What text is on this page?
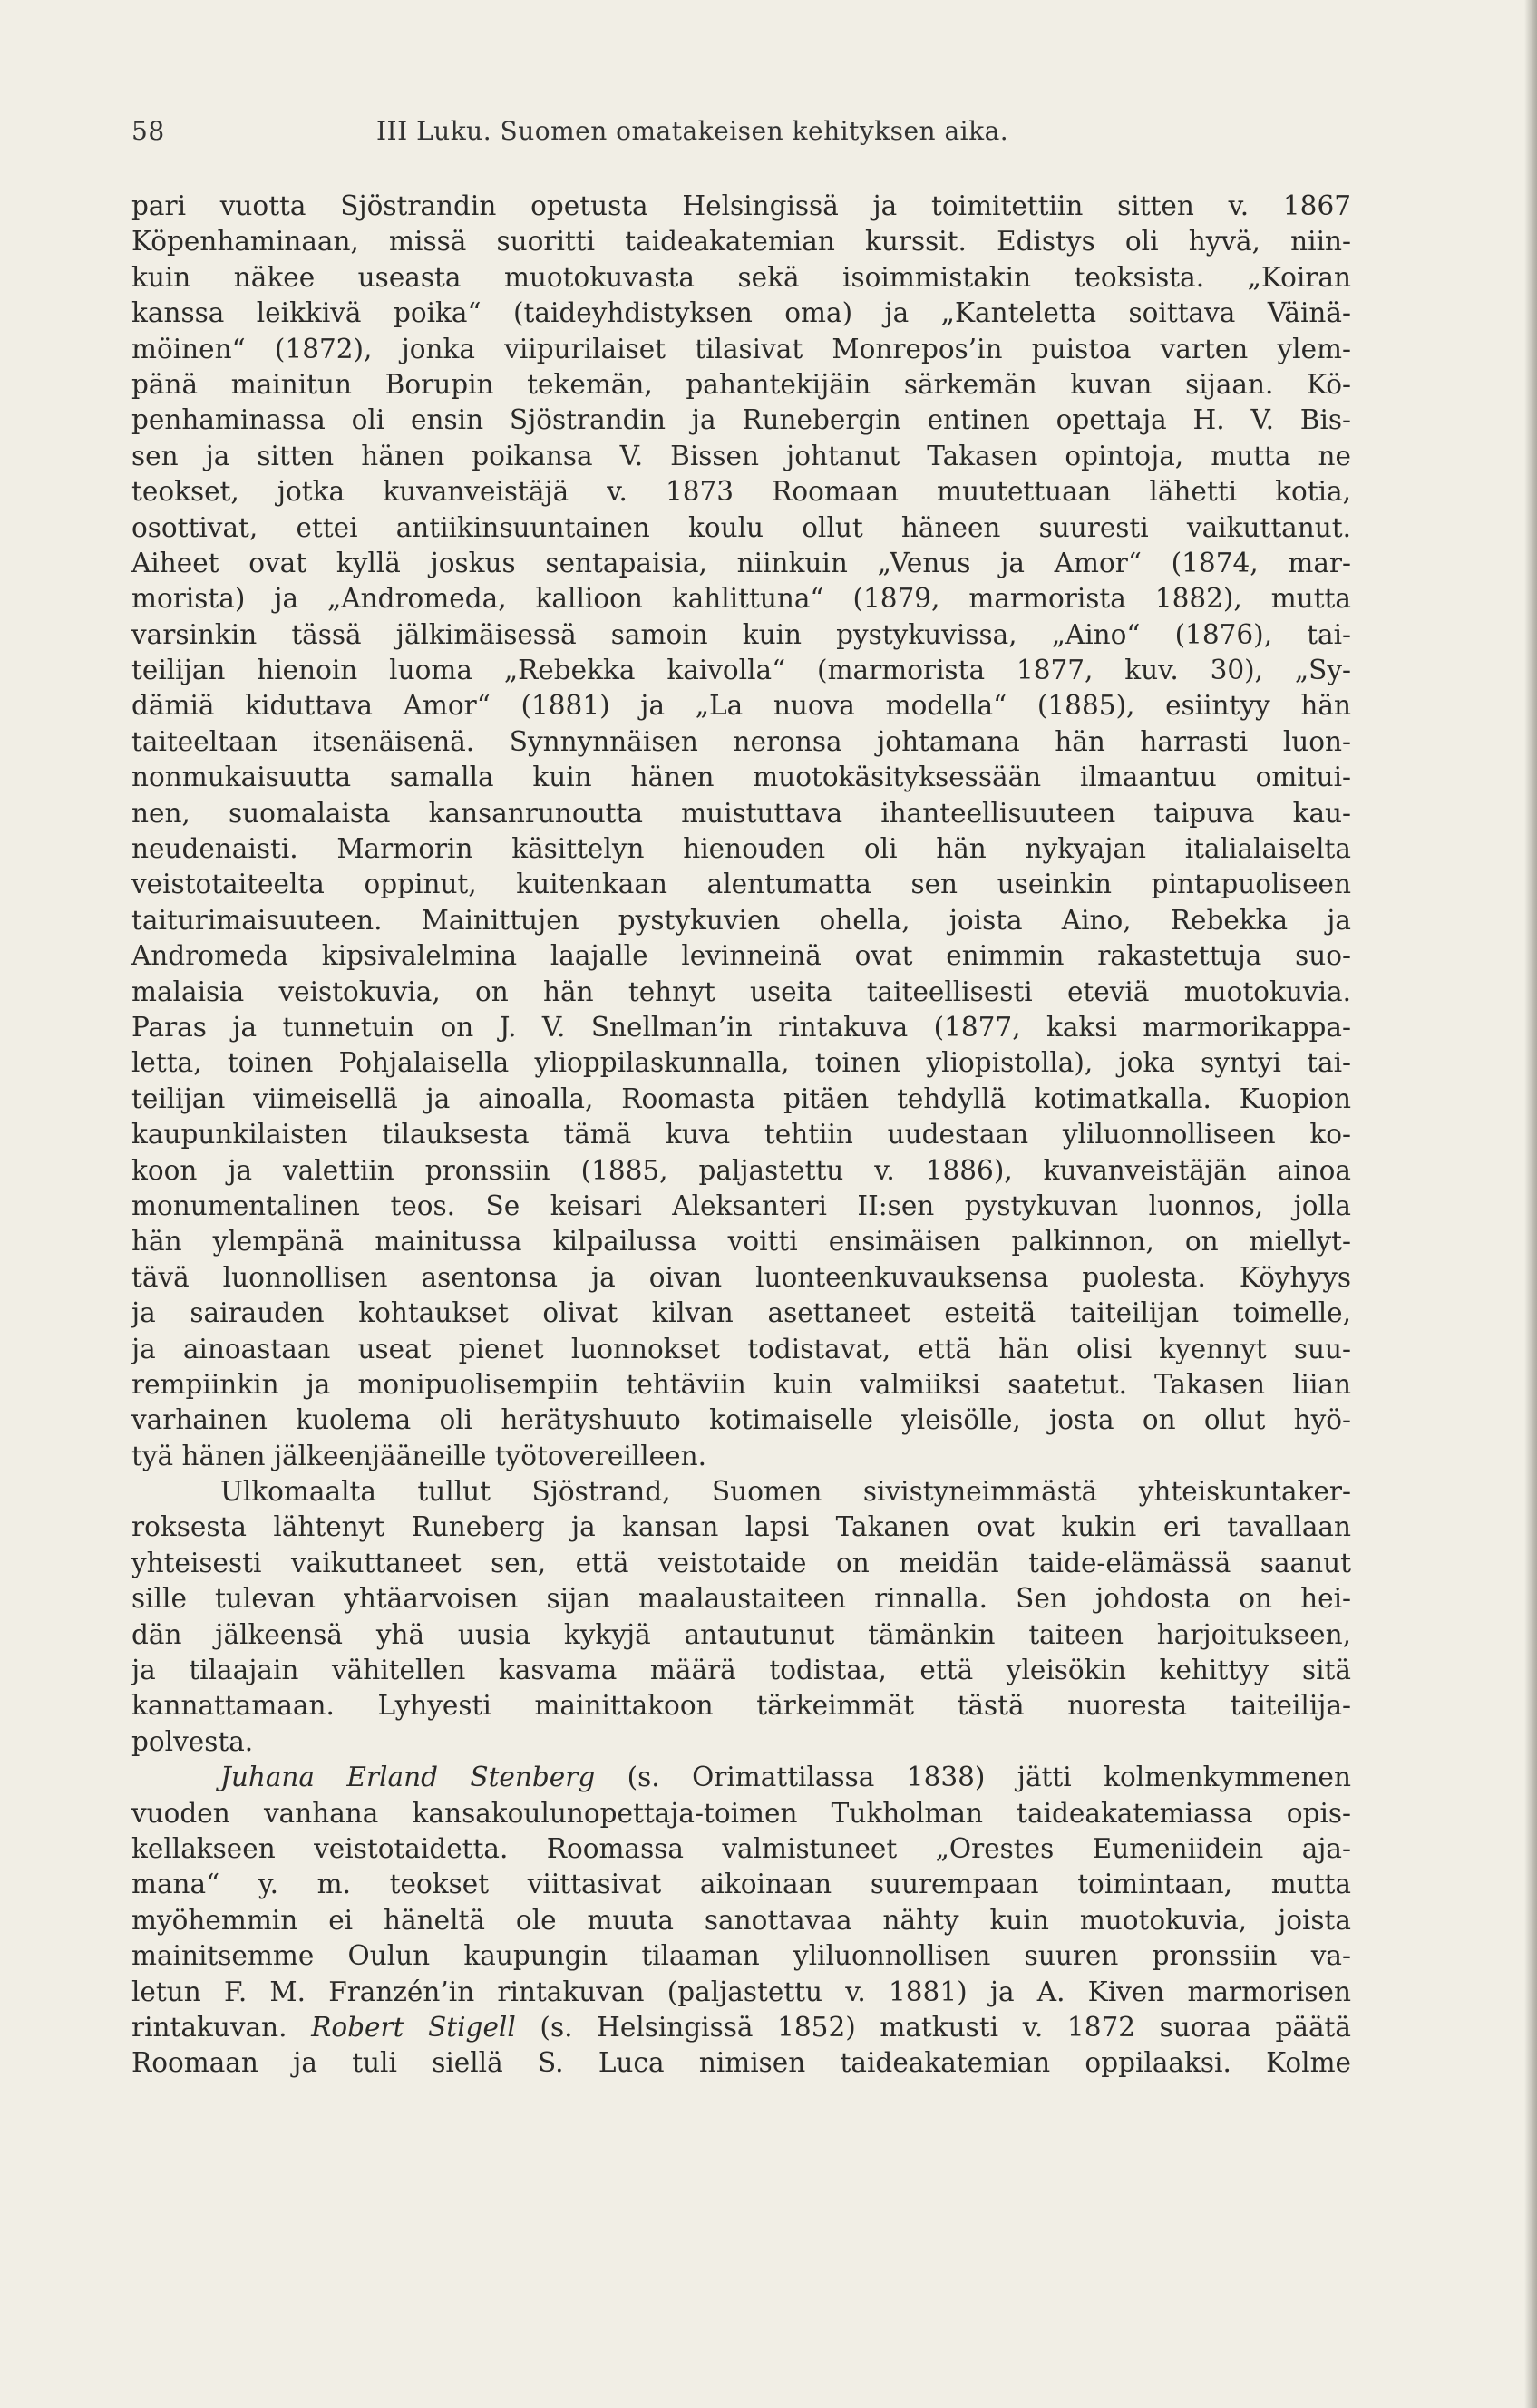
58	III Luku. Suomen omatakeisen kehityksen aika.
pari vuotta Sjöstrandin opetusta Helsingissä ja toimitettiin sitten v. 1867
Köpenhaminaan, missä suoritti taideakatemian kurssit. Edistys oli hyvä, niin-
kuin näkee useasta muotokuvasta sekä isoimmistakin teoksista. „Koiran
kanssa leikkivä poika“ (taideyhdistyksen oma) ja „Kanteletta soittava Väinä-
möinen“ (1872), jonka viipurilaiset tilasivat Monrepos’in puistoa varten ylem-
pänä mainitun Borupin tekemän, pahantekijäin särkemän kuvan sijaan. Kö-
penhaminassa oli ensin Sjöstrandin ja Runebergin entinen opettaja H. V. Bis-
sen ja sitten hänen poikansa V. Bissen johtanut Takasen opintoja, mutta ne
teokset, jotka kuvanveistäjä v. 1873 Roomaan muutettuaan lähetti kotia,
osottivat, ettei antiikinsuuntainen koulu ollut häneen suuresti vaikuttanut.
Aiheet ovat kyllä joskus sentapaisia, niinkuin „Venus ja Amor“ (1874, mar-
morista) ja „Andromeda, kallioon kahlittuna“ (1879, marmorista 1882), mutta
varsinkin tässä jälkimäisessä samoin kuin pystykuvissa, „Aino“ (1876), tai-
teilijan hienoin luoma „Rebekka kaivolla“ (marmorista 1877, kuv. 30), „Sy-
dämiä kiduttava Amor“ (1881) ja „La nuova modella“ (1885), esiintyy hän
taiteeltaan itsenäisenä. Synnynnäisen neronsa johtamana hän harrasti luon-
nonmukaisuutta samalla kuin hänen muotokäsityksessään ilmaantuu omitui-
nen, suomalaista kansanrunoutta muistuttava ihanteellisuuteen taipuva kau-
neudenaisti. Marmorin käsittelyn hienouden oli hän nykyajan italialaiselta
veistotaiteelta oppinut, kuitenkaan alentumatta sen useinkin pintapuoliseen
taiturimaisuuteen. Mainittujen pystykuvien ohella, joista Aino, Rebekka ja
Andromeda kipsivalelmina laajalle levinneinä ovat enimmin rakastettuja suo-
malaisia veistokuvia, on hän tehnyt useita taiteellisesti eteviä muotokuvia.
Paras ja tunnetuin on J. V. Snellman’in rintakuva (1877, kaksi marmorikappa-
letta, toinen Pohjalaisella ylioppilaskunnalla, toinen yliopistolla), joka syntyi tai-
teilijan viimeisellä ja ainoalla, Roomasta pitäen tehdyllä kotimatkalla. Kuopion
kaupunkilaisten tilauksesta tämä kuva tehtiin uudestaan yliluonnolliseen ko-
koon ja valettiin pronssiin (1885, paljastettu v. 1886), kuvanveistäjän ainoa
monumentalinen teos. Se keisari Aleksanteri II:sen pystykuvan luonnos, jolla
hän ylempänä mainitussa kilpailussa voitti ensimäisen palkinnon, on miellyt-
tävä luonnollisen asentonsa ja oivan luonteenkuvauksensa puolesta. Köyhyys
ja sairauden kohtaukset olivat kilvan asettaneet esteitä taiteilijan toimelle,
ja ainoastaan useat pienet luonnokset todistavat, että hän olisi kyennyt suu-
rempiinkin ja monipuolisempiin tehtäviin kuin valmiiksi saatetut. Takasen liian
varhainen kuolema oli herätyshuuto kotimaiselle yleisölle, josta on ollut hyö-
tyä hänen jälkeenjääneille työtovereilleen.
Ulkomaalta tullut Sjöstrand, Suomen sivistyneimmästä yhteiskuntaker-
roksesta lähtenyt Runeberg ja kansan lapsi Takanen ovat kukin eri tavallaan
yhteisesti vaikuttaneet sen, että veistotaide on meidän taide-elämässä saanut
sille tulevan yhtäarvoisen sijan maalaustaiteen rinnalla. Sen johdosta on hei-
dän jälkeensä yhä uusia kykyjä antautunut tämänkin taiteen harjoitukseen,
ja tilaajain vähitellen kasvama määrä todistaa, että yleisökin kehittyy sitä
kannattamaan. Lyhyesti mainittakoon tärkeimmät tästä nuoresta taiteilija-
polvesta.
Juhana Erland Stenberg (s. Orimattilassa 1838) jätti kolmenkymmenen
vuoden vanhana kansakoulunopettaja-toimen Tukholman taideakatemiassa opis-
kellakseen veistotaidetta. Roomassa valmistuneet „Orestes Eumeniidein aja-
mana“ y. m. teokset viittasivat aikoinaan suurempaan toimintaan, mutta
myöhemmin ei häneltä ole muuta sanottavaa nähty kuin muotokuvia, joista
mainitsemme Oulun kaupungin tilaaman yliluonnollisen suuren pronssiin va-
letun F. M. Franzén’in rintakuvan (paljastettu v. 1881) ja A. Kiven marmorisen
rintakuvan. Robert Stigell (s. Helsingissä 1852) matkusti v. 1872 suoraa päätä
Roomaan ja tuli siellä S. Luca nimisen taideakatemian oppilaaksi. Kolme
